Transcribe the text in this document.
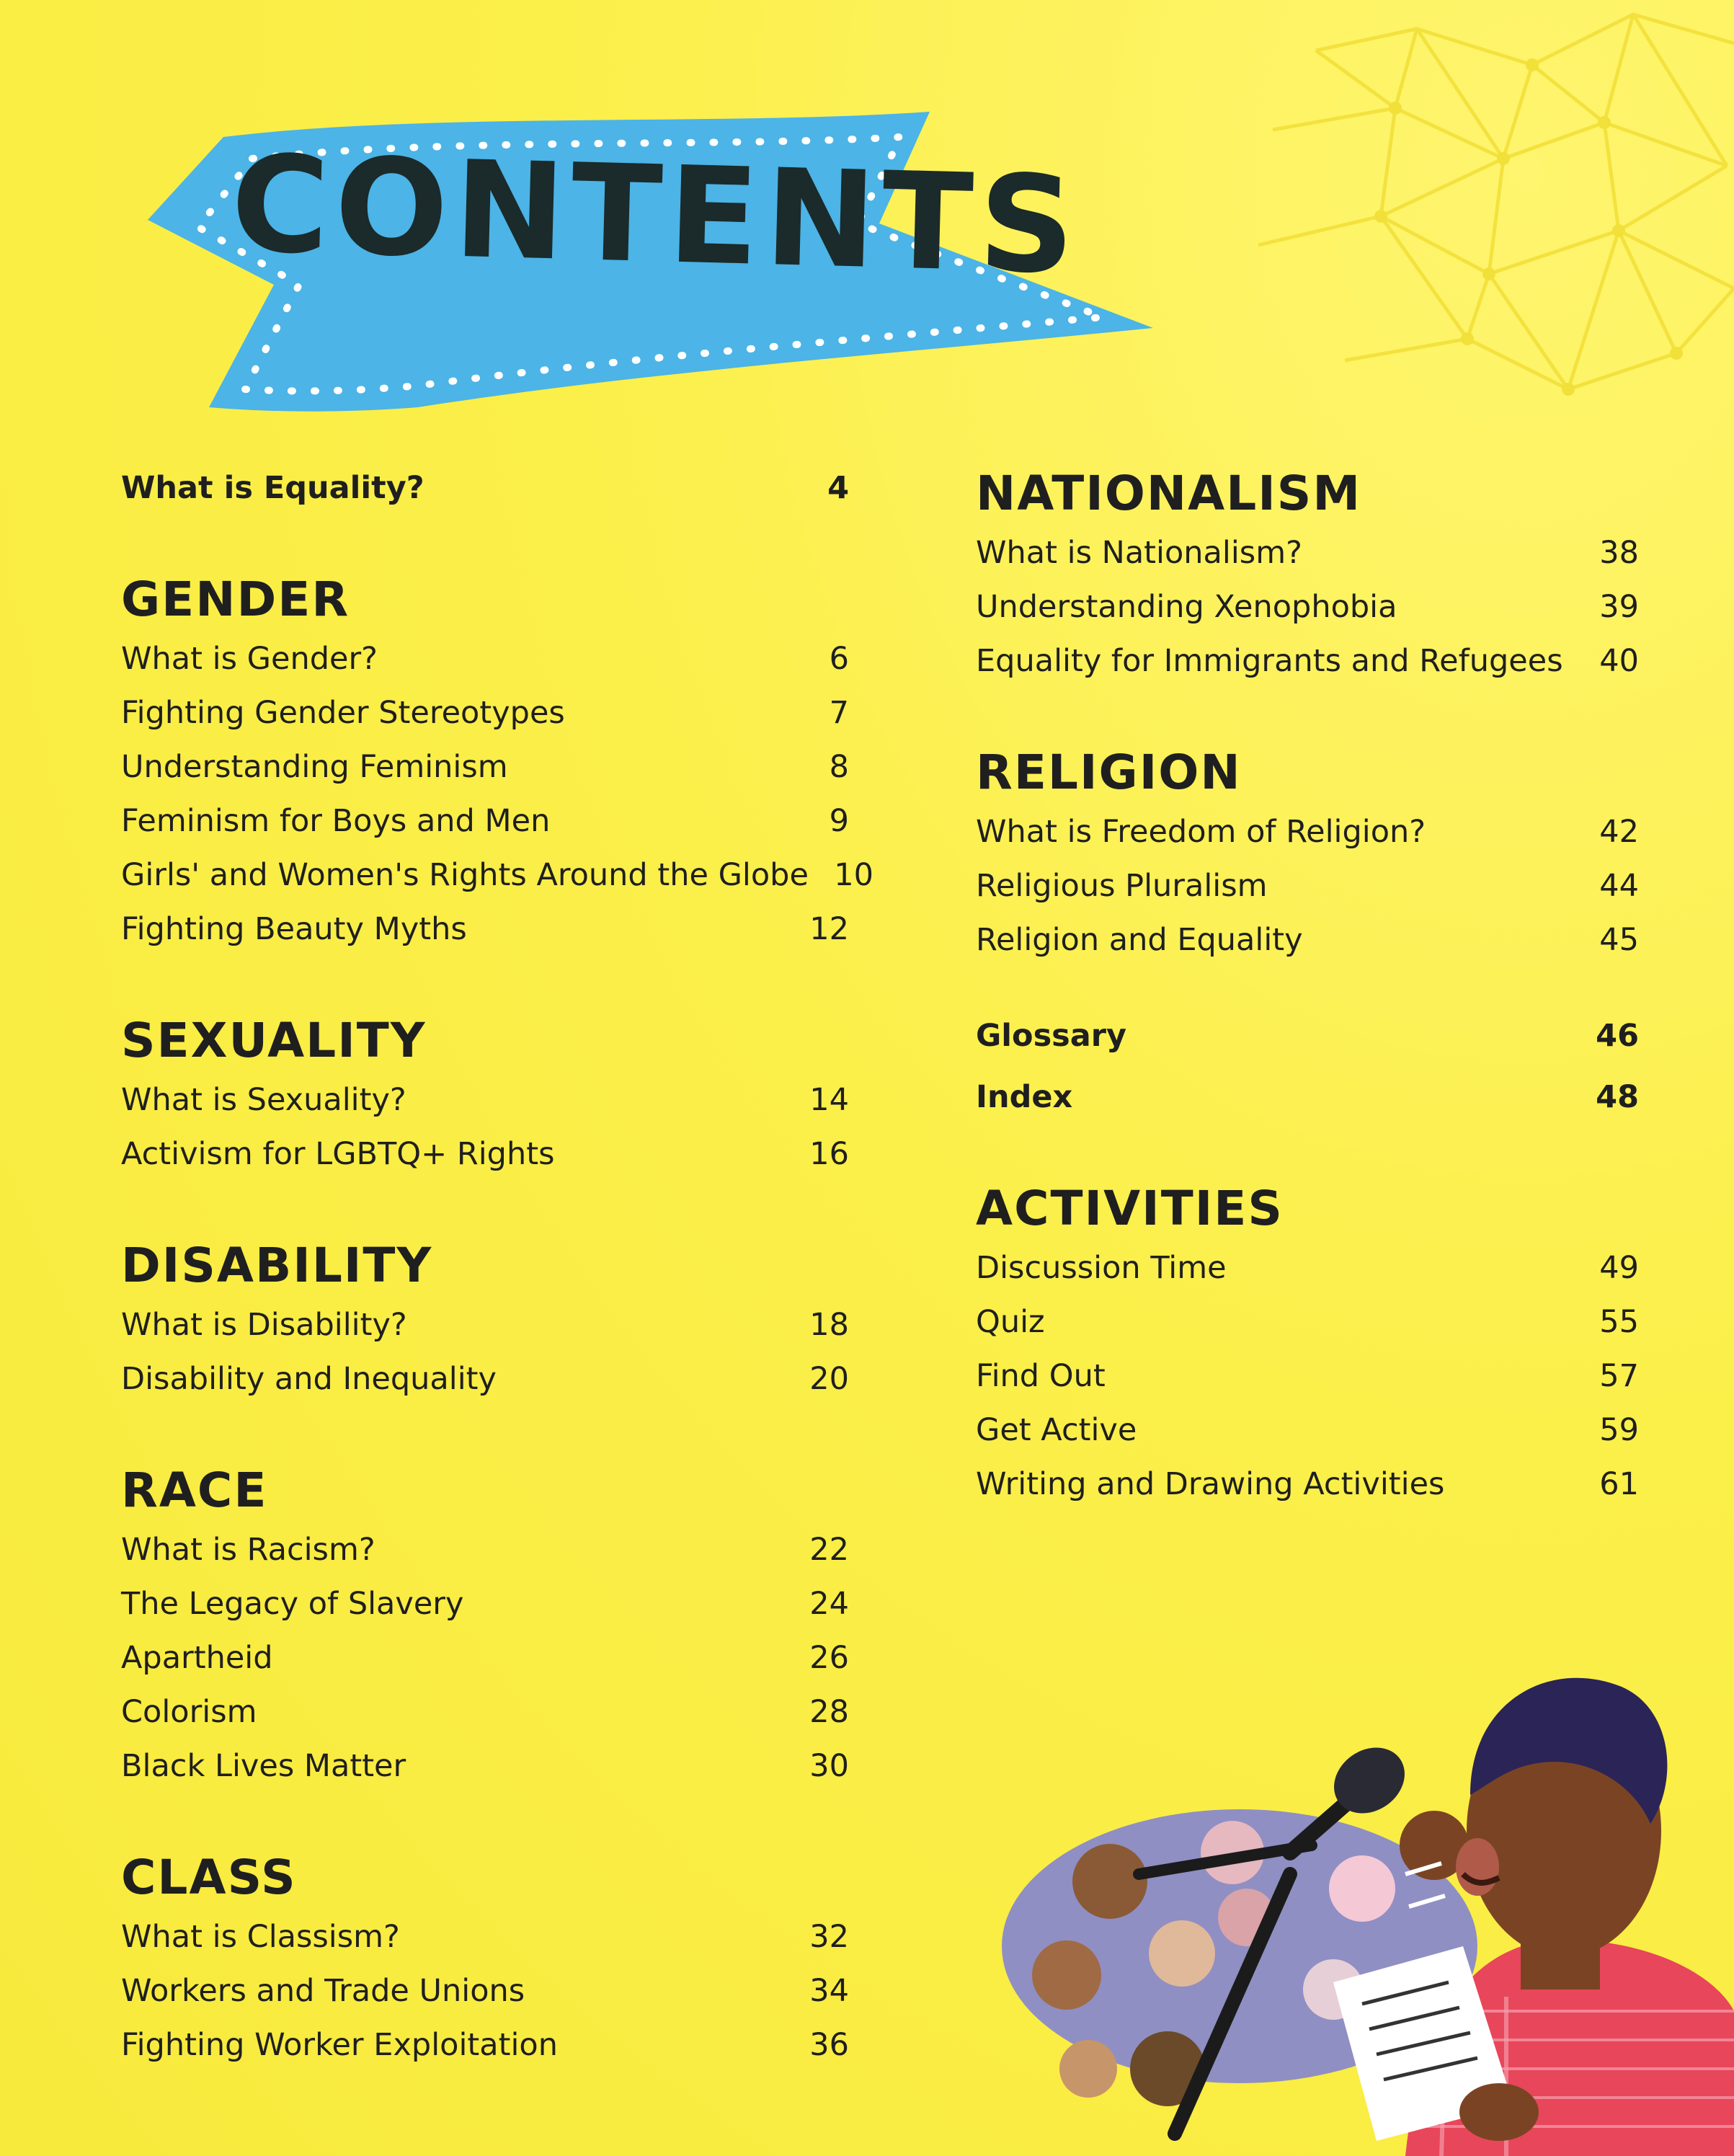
CONTENTS
What is Equality?	4
GENDER
What is Gender?	6
Fighting Gender Stereotypes	7
Understanding Feminism	8
Feminism for Boys and Men	9
Girls' and Women's Rights Around the Globe 10
Fighting Beauty Myths	12
SEXUALITY
What is Sexuality?	14
Activism for LGBTQ+ Rights	16
DISABILITY
What is Disability?	18
Disability and Inequality	20
RACE
What is Racism?	22
The Legacy of Slavery	24
Apartheid	26
Colorism	28
Black Lives Matter	30
CLASS
What is Classism?	32
Workers and Trade Unions	34
Fighting Worker Exploitation	36
NATIONALISM
What is Nationalism?	38
Understanding Xenophobia	39
Equality for Immigrants and Refugees	40
RELIGION
What is Freedom of Religion?	42
Religious Pluralism	44
Religion and Equality	45
Glossary	46
Index	48
ACTIVITIES
Discussion Time	49
Quiz	55
Find Out	57
Get Active	59
Writing and Drawing Activities	61
